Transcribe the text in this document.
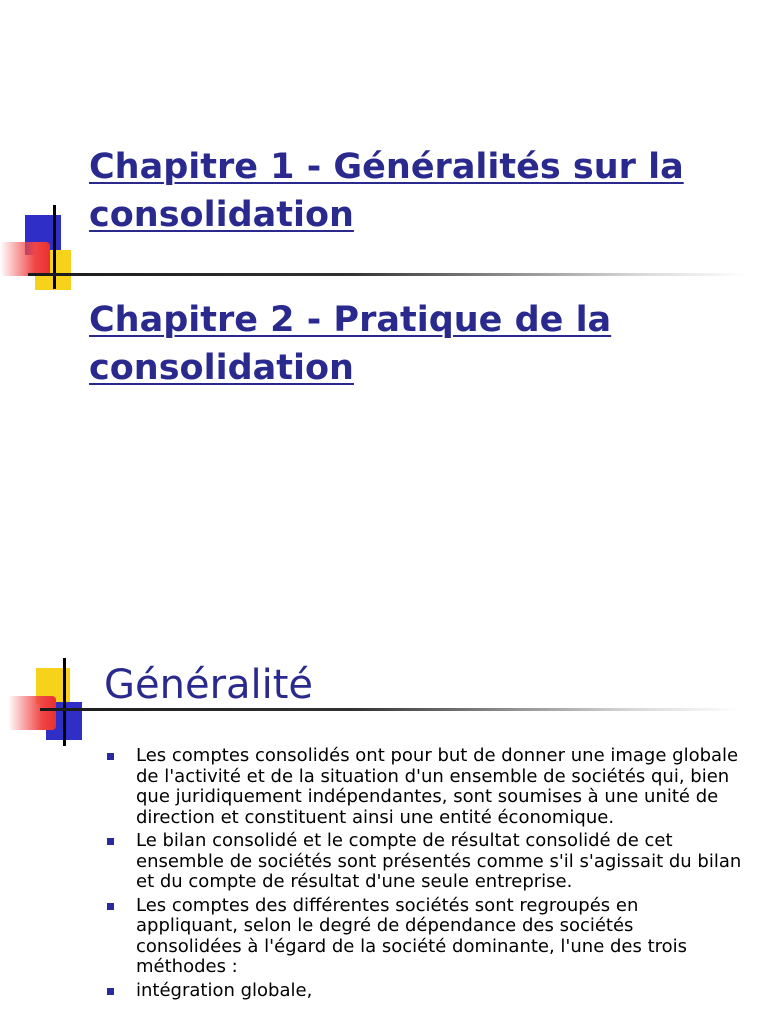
Chapitre 1 - Généralités sur la consolidation
Chapitre 2 - Pratique de la consolidation
Généralité
Les comptes consolidés ont pour but de donner une image globale de l'activité et de la situation d'un ensemble de sociétés qui, bien que juridiquement indépendantes, sont soumises à une unité de direction et constituent ainsi une entité économique.
Le bilan consolidé et le compte de résultat consolidé de cet ensemble de sociétés sont présentés comme s'il s'agissait du bilan et du compte de résultat d'une seule entreprise.
Les comptes des différentes sociétés sont regroupés en appliquant, selon le degré de dépendance des sociétés consolidées à l'égard de la société dominante, l'une des trois méthodes :
intégration globale,
